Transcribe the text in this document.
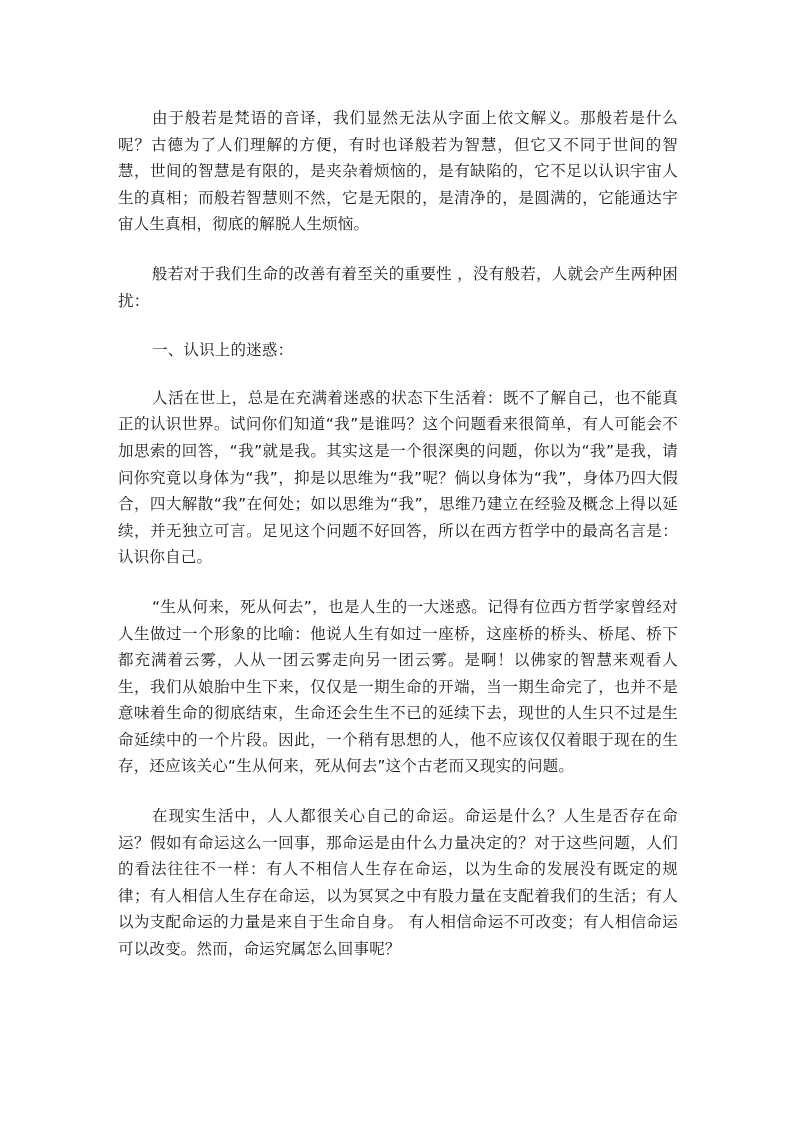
由于般若是梵语的音译，我们显然无法从字面上依文解义。那般若是什么呢？古德为了人们理解的方便，有时也译般若为智慧，但它又不同于世间的智慧，世间的智慧是有限的，是夹杂着烦恼的，是有缺陷的，它不足以认识宇宙人生的真相；而般若智慧则不然，它是无限的，是清净的，是圆满的，它能通达宇宙人生真相，彻底的解脱人生烦恼。

般若对于我们生命的改善有着至关的重要性 ，没有般若，人就会产生两种困扰：

一、认识上的迷惑：

人活在世上，总是在充满着迷惑的状态下生活着：既不了解自己，也不能真正的认识世界。试问你们知道“我”是谁吗？这个问题看来很简单，有人可能会不加思索的回答，“我”就是我。其实这是一个很深奥的问题，你以为“我”是我，请问你究竟以身体为“我”，抑是以思维为“我”呢？倘以身体为“我”，身体乃四大假合，四大解散“我”在何处；如以思维为“我”，思维乃建立在经验及概念上得以延续，并无独立可言。足见这个问题不好回答，所以在西方哲学中的最高名言是：认识你自己。

“生从何来，死从何去”，也是人生的一大迷惑。记得有位西方哲学家曾经对人生做过一个形象的比喻：他说人生有如过一座桥，这座桥的桥头、桥尾、桥下都充满着云雾，人从一团云雾走向另一团云雾。是啊！以佛家的智慧来观看人生，我们从娘胎中生下来，仅仅是一期生命的开端，当一期生命完了，也并不是意味着生命的彻底结束，生命还会生生不已的延续下去，现世的人生只不过是生命延续中的一个片段。因此，一个稍有思想的人，他不应该仅仅着眼于现在的生存，还应该关心“生从何来，死从何去”这个古老而又现实的问题。

在现实生活中，人人都很关心自己的命运。命运是什么？人生是否存在命运？假如有命运这么一回事，那命运是由什么力量决定的？对于这些问题，人们的看法往往不一样：有人不相信人生存在命运，以为生命的发展没有既定的规律；有人相信人生存在命运，以为冥冥之中有股力量在支配着我们的生活；有人以为支配命运的力量是来自于生命自身。 有人相信命运不可改变；有人相信命运可以改变。然而，命运究属怎么回事呢？
